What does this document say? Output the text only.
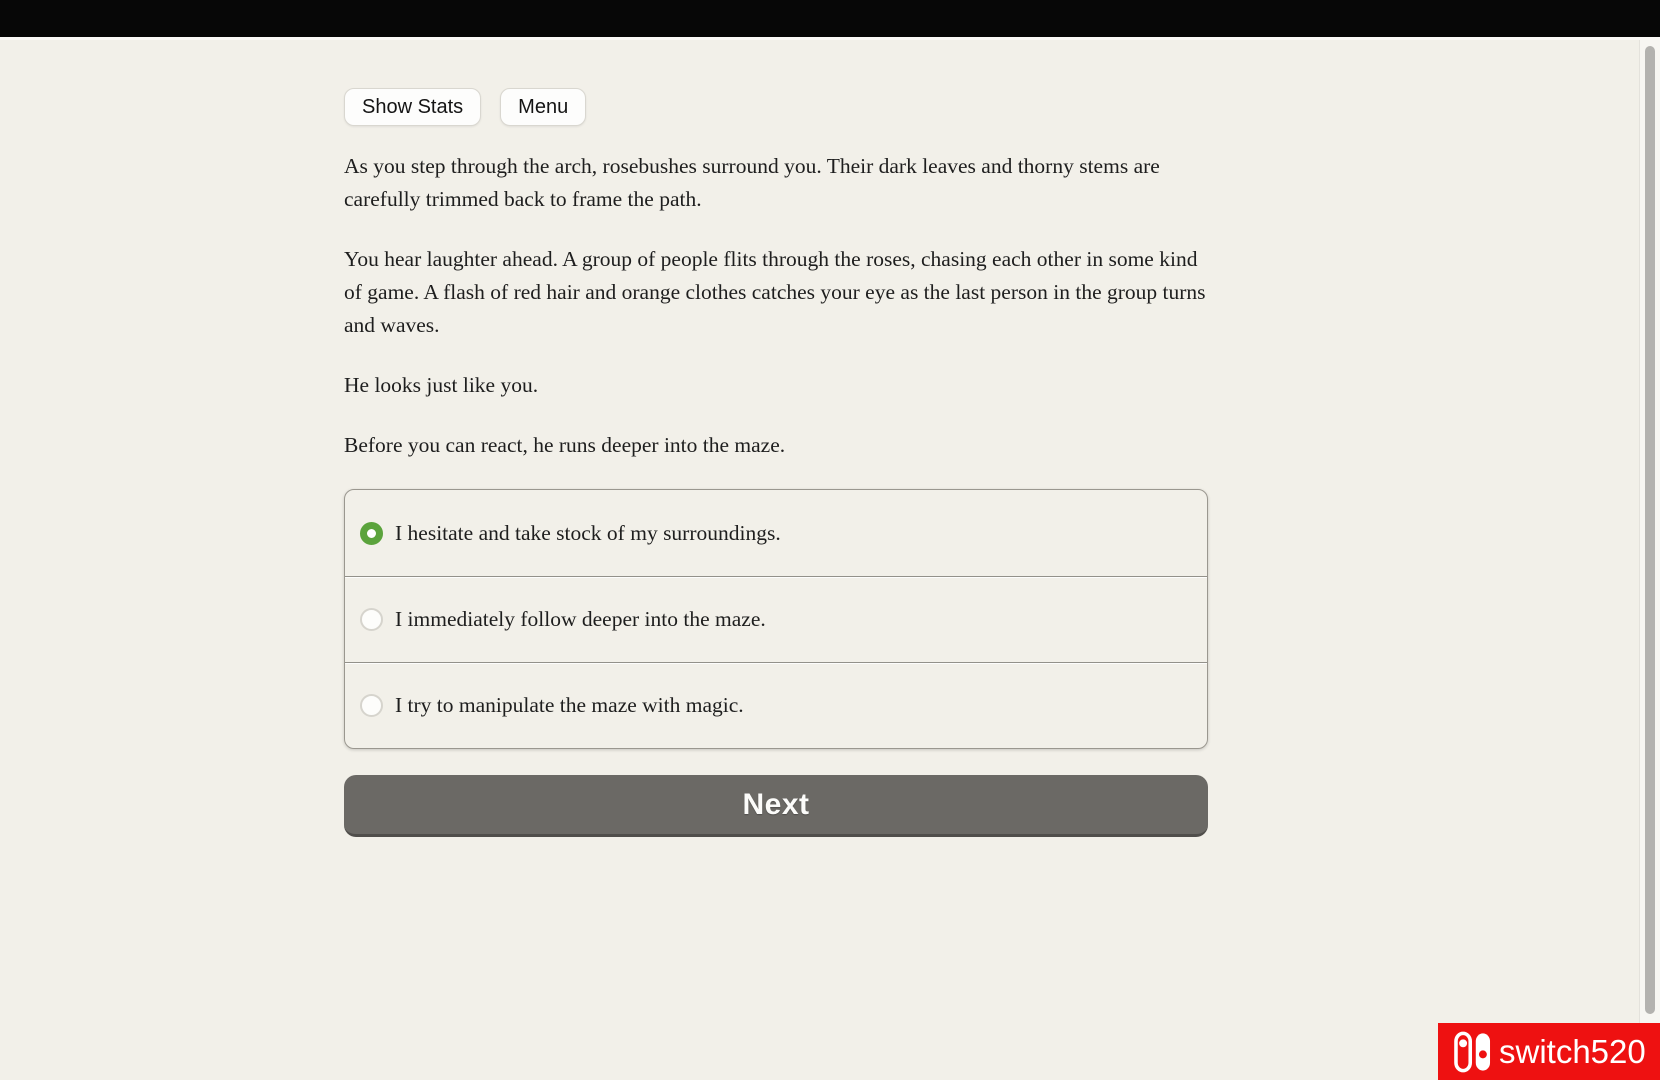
Show Stats	Menu

As you step through the arch, rosebushes surround you. Their dark leaves and thorny stems are carefully trimmed back to frame the path.

You hear laughter ahead. A group of people flits through the roses, chasing each other in some kind of game. A flash of red hair and orange clothes catches your eye as the last person in the group turns and waves.

He looks just like you.

Before you can react, he runs deeper into the maze.

I hesitate and take stock of my surroundings.
I immediately follow deeper into the maze.
I try to manipulate the maze with magic.
Next
switch520
